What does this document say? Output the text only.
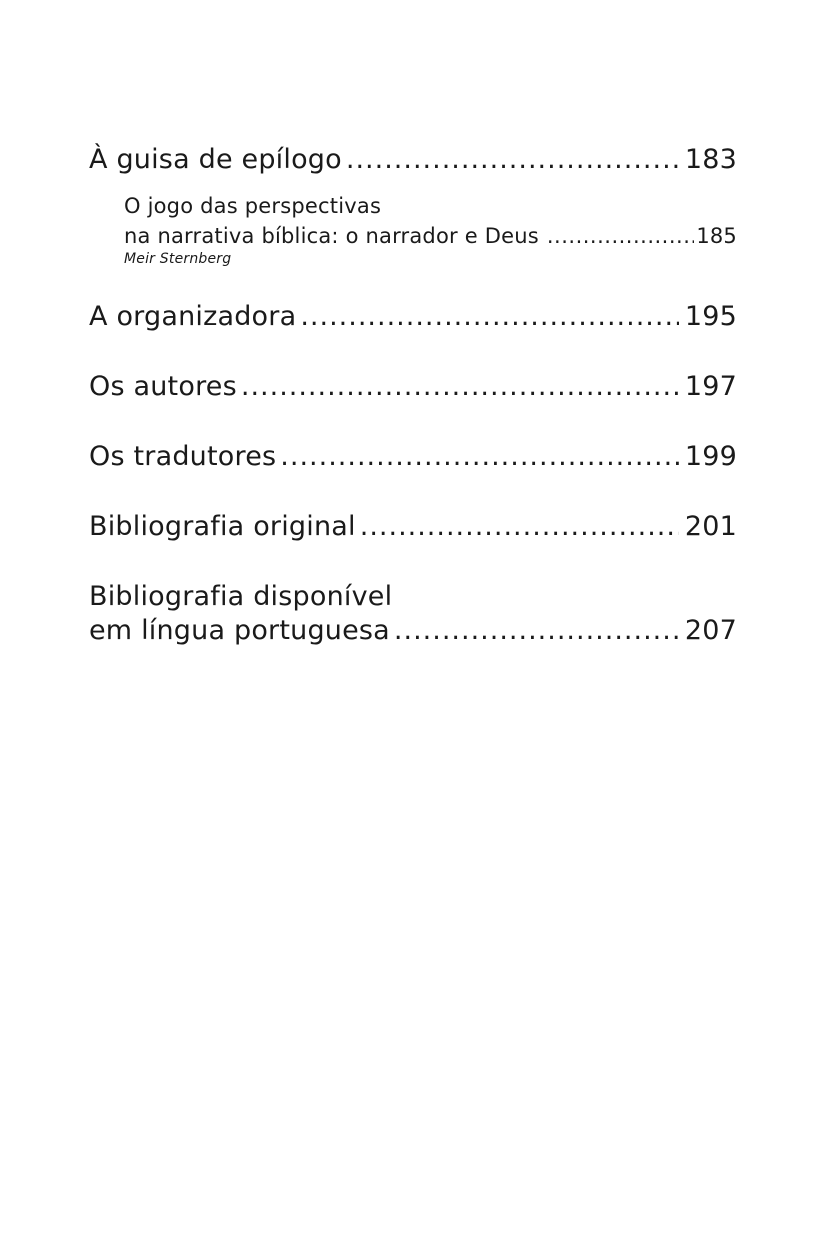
À guisa de epílogo .....	183
O jogo das perspectivas
na narrativa bíblica: o narrador e Deus .....	185
Meir Sternberg
A organizadora .....	195
Os autores .....	197
Os tradutores .....	199
Bibliografia original .....	201
Bibliografia disponível
em língua portuguesa .....	207
